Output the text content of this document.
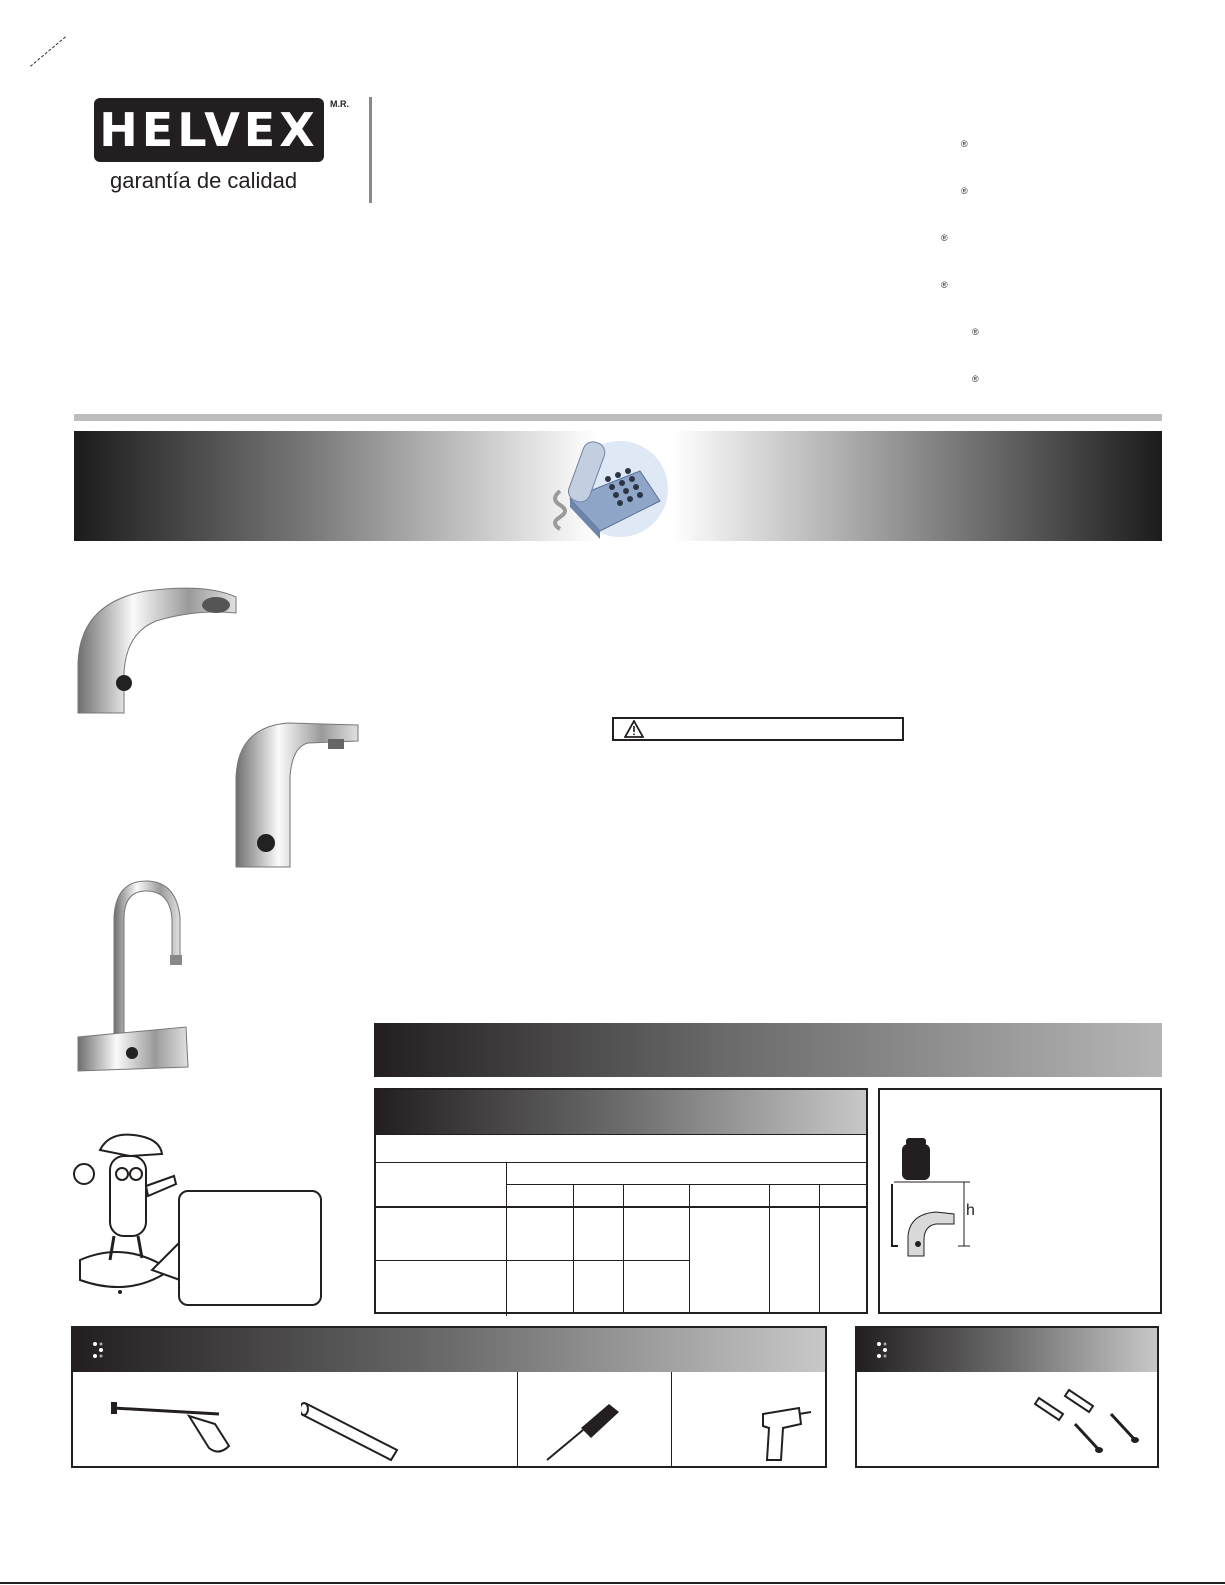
HELVEX M.R.
garantía de calidad
®
®
®
®
®
®
h
